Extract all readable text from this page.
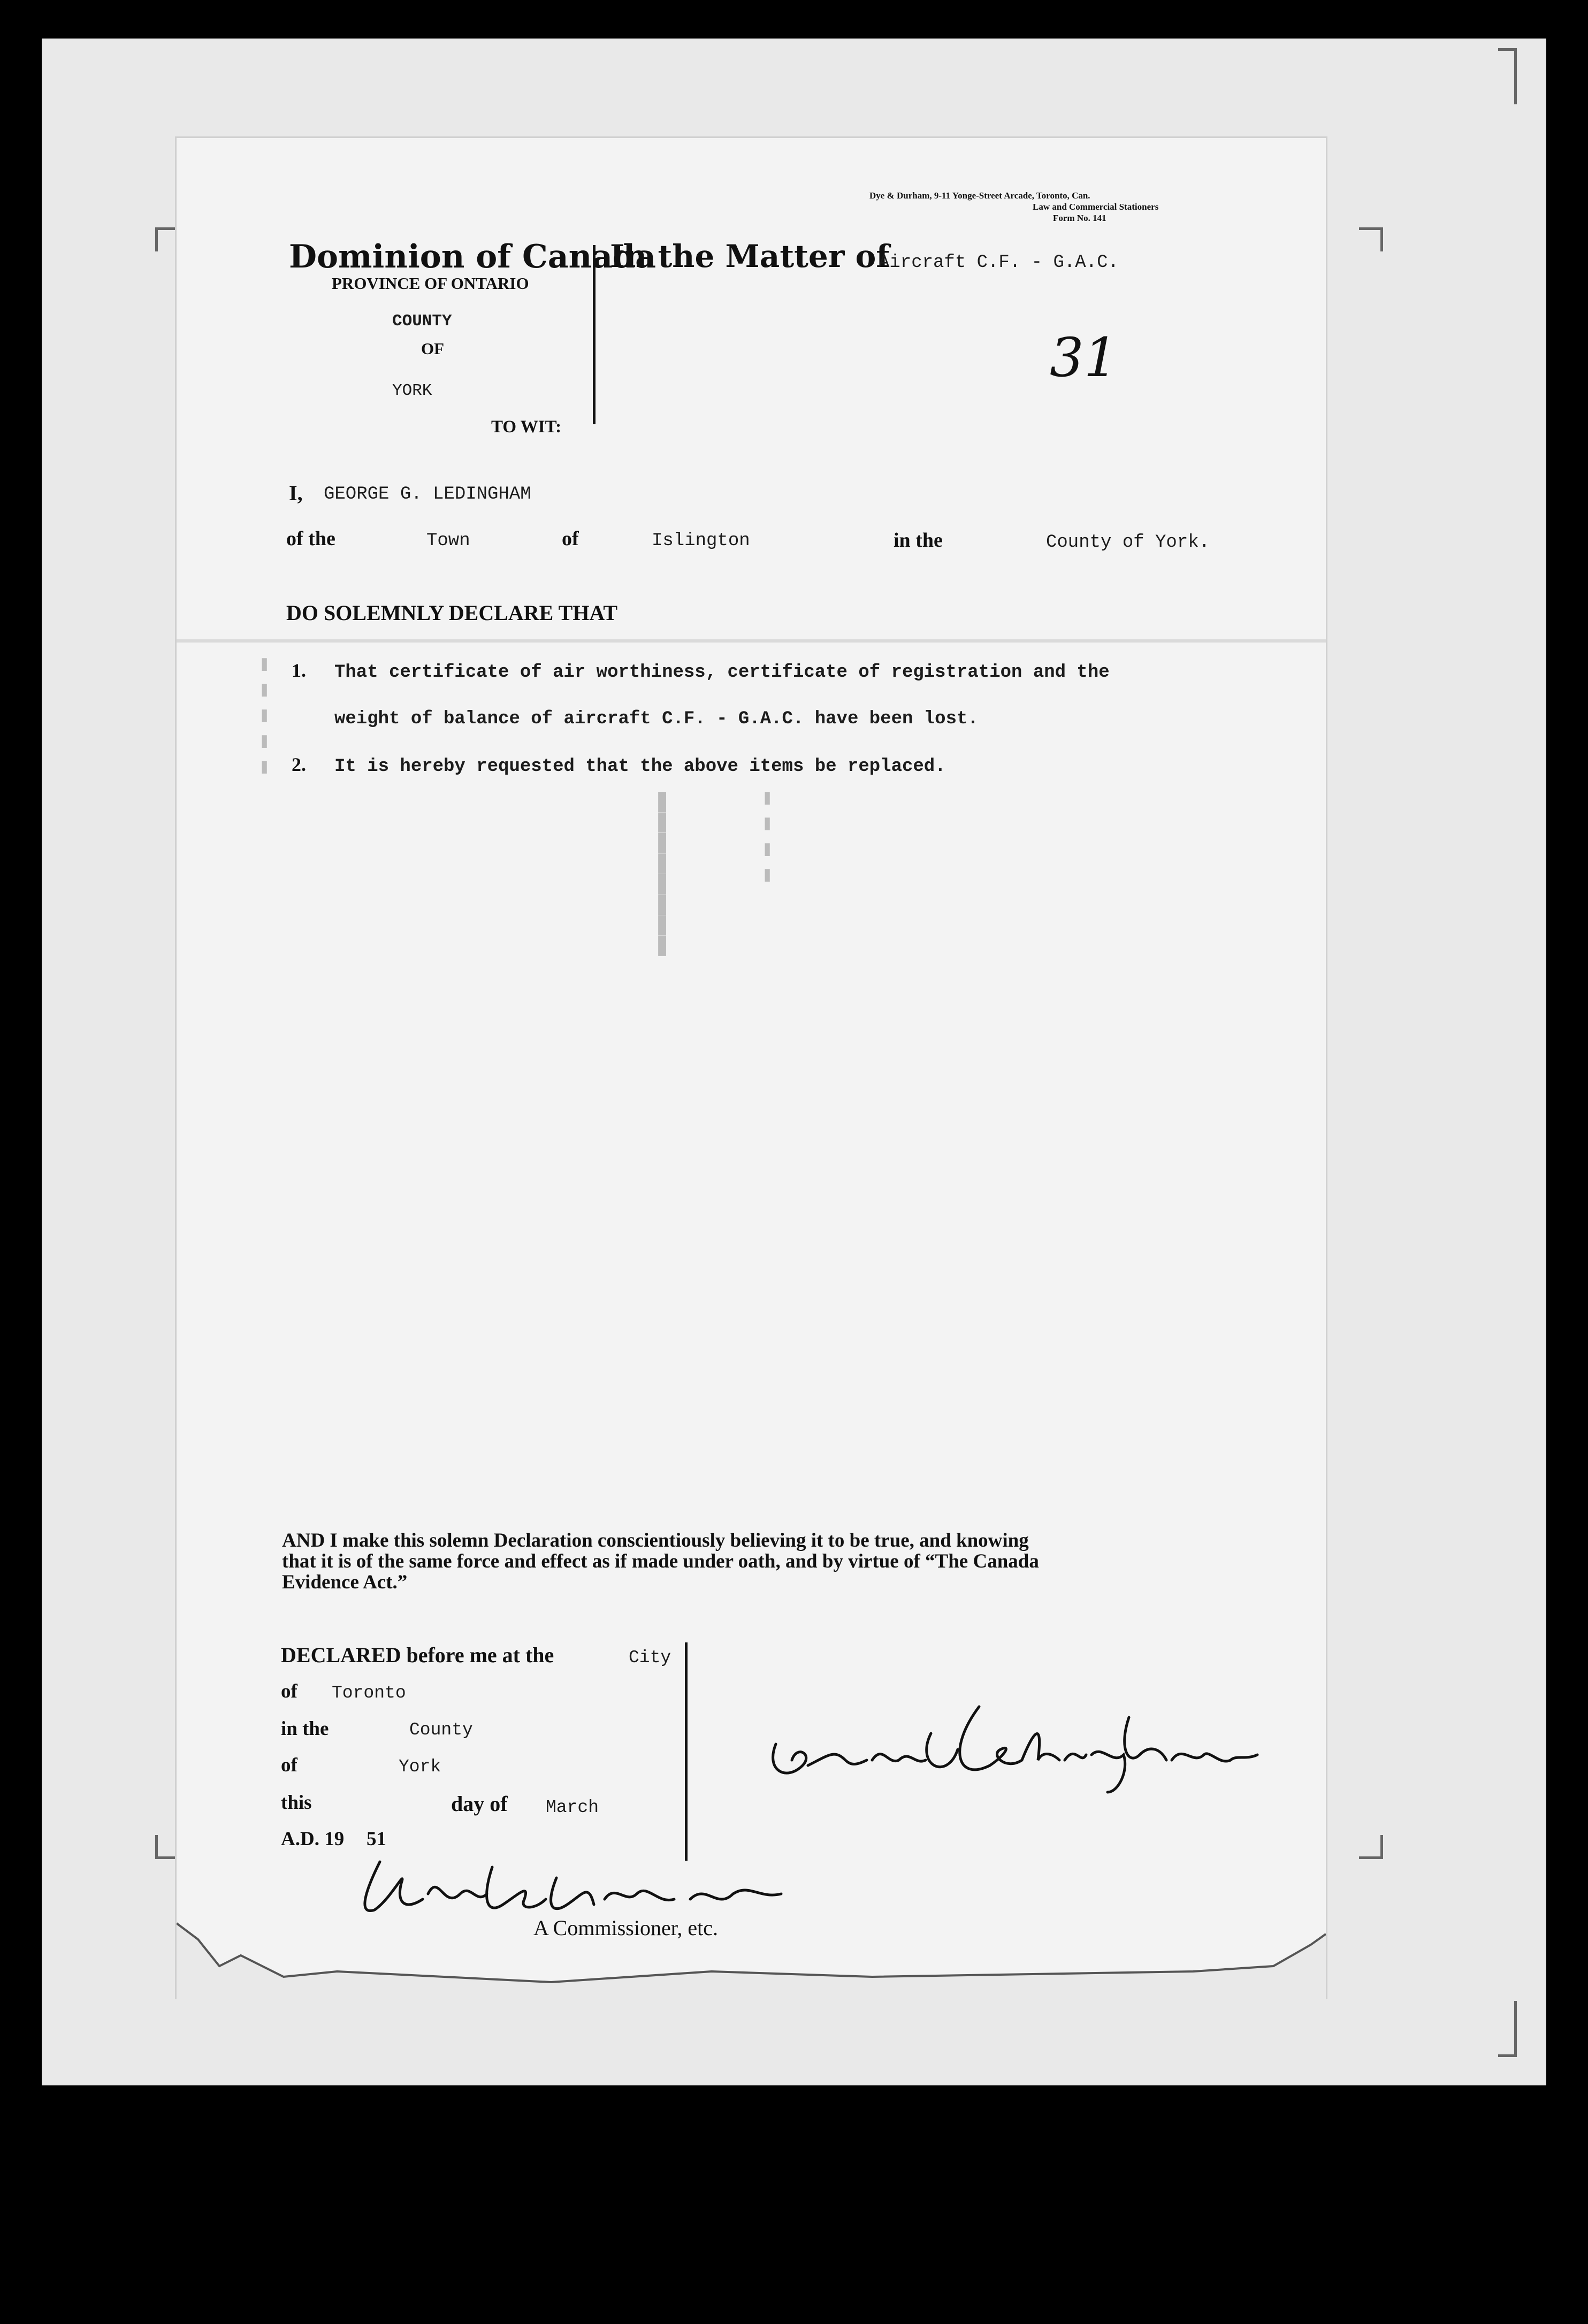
▬ ▬ ▬ ▬ ▬
▬▬▬▬▬▬▬▬	▬ ▬ ▬ ▬
Dye & Durham, 9-11 Yonge-Street Arcade, Toronto, Can.
Law and Commercial Stationers
Form No. 141
Dominion of Canada
PROVINCE OF ONTARIO
COUNTY
OF
YORK
TO WIT:
In the Matter of
Aircraft C.F. - G.A.C.
31
I, GEORGE G. LEDINGHAM
of the	Town	of	Islington	in the	County of York.
DO SOLEMNLY DECLARE THAT
1. That certificate of air worthiness, certificate of registration and the
weight of balance of aircraft C.F. - G.A.C. have been lost.
2. It is hereby requested that the above items be replaced.
AND I make this solemn Declaration conscientiously believing it to be true, and knowing
that it is of the same force and effect as if made under oath, and by virtue of “The Canada
Evidence Act.”
DECLARED before me at the	City
of Toronto
in the	County
of	York
this	day of March
A.D. 19 51
A Commissioner, etc.
